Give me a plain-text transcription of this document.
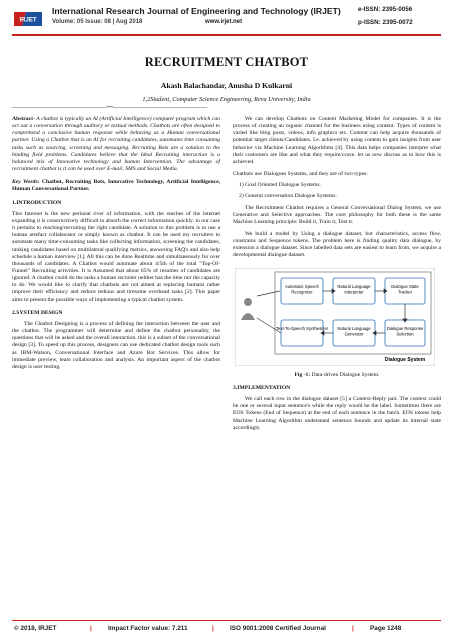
IRJET
International Research Journal of Engineering and Technology (IRJET)	e-ISSN: 2395-0056
Volume: 05 Issue: 08 | Aug 2018	www.irjet.net	p-ISSN: 2395-0072
RECRUITMENT CHATBOT
Akash Balachandar, Anusha D Kulkarni
1,2Student, Computer Science Engineering, Reva University, India
---------------------------------------------------------------------***---------------------------------------------------------------------

Abstract- A chatbot is typically an AI (Artificial Intelligence) computer program which can act out a conversation through auditory or textual methods. Chatbots are often designed to comprehend a conclusive human response while behaving as a Human conversational partner. Using a Chatbot that is an AI for recruiting candidates, automates time consuming tasks such as sourcing, screening and messaging. Recruiting Bots are a solution to the binding field problems. Candidates believe that the Ideal Recruiting interaction is a balanced mix of Innovative technology and human Intervention. The advantage of recruitment chatbot is it can be used over E-mail, SMS and Social Media.

Key Words: Chatbot, Recruiting Bots, Innovative Technology, Artificial Intelligence, Human Conversational Partner.

1.INTRODUCTION

This Internet is the new perineal river of information, with the reaches of the internet expanding it is constructively difficult to absorb the correct information quickly. in our case it pertains to reaching/recruiting the right candidate. A solution to this problem is to use a human artefact collaborator or simply known as chatbot. It can be used my recruiters to automate many time-consuming tasks like collecting information, screening the candidates, ranking candidates based on multilateral qualifying metrics, answering FAQ's and also help schedule a human interview [1]. All this can be done Realtime and simultaneously for over thousands of candidates. A Chatbot would automate about 4/5th of the total "Top-Of-Funnel" Recruiting activities. It is Assumed that about 65% of resumes of candidates are ignored. A chatbot could do the tasks a human recruiter neither has the time nor the capacity to do. We would like to clarify that chatbots are not aimed at replacing humans rather improve their efficiency and reduce tedious and tiresome overhead tasks [2]. This paper aims to present the possible ways of implementing a typical chatbot system.

2.SYSTEM DESIGN

The Chatbot Designing is a process of defining the interaction between the user and the chatbot. The programmer will determine and define the chatbot personality, the questions that will be asked and the overall interaction. this is a subset of the conversational design [3]. To speed up this process, designers can use dedicated chatbot design tools such as IBM-Watson, Conversational Interface and Azure Bot Services. This allow for immediate preview, team collaboration and analysis. An important aspect of the chatbot design is user testing.

We can develop Chatbots on Content Marketing Model for companies. It is the process of creating an organic channel for the business using content. Types of content is varied like blog posts, videos, info graphics etc. Content can help acquire thousands of potential target clients/Candidates. I.e. achieved by using content to gain insights from user behavior via Machine Learning Algorithms [4]. This data helps companies interpret what their customers are like and what they require/crave. let us now discuss as to how this is achieved.

Chatbots use Dialogues Systems, and they are of two types:

1) Goal Oriented Dialogue Systems.

2) General conversation Dialogue Systems.

The Recruitment Chatbot requires a General Conversational Dialog System, we use Generative and Selective approaches. The core philosophy for both these is the same Machine Learning principle: Build it, Train it, Test it.

We build a model by Using a dialogue dataset, bot characteristics, access flow, constrains and Sequence tokens. The problem here is finding quality data dialogue, by extension a dialogue dataset. Since labelled data sets are easiest to learn from, we acquire a developmental dialogue dataset.

Automatic Speech Recognizer
Natural Language Interpreter
Dialogue State Tracker
Text-To-Speech Synthesizer Natural Language Generator
Dialogue Response Selection
Dialogue System
Fig -1: Data-driven Dialogue System.
3.IMPLEMENTATION

We call each row in the dialogue dataset [5] a Context-Reply pair. The context could be one or several input sentence's while the reply would be the label. Sometimes there are EOS Tokens (End of Sequence) at the end of each sentence in the batch. EOS tokens help Machine Learning Algorithm understand sentence bounds and update its internal state accordingly.

© 2018, IRJET	|	Impact Factor value: 7.211	|	ISO 9001:2008 Certified Journal	|	Page 1248
